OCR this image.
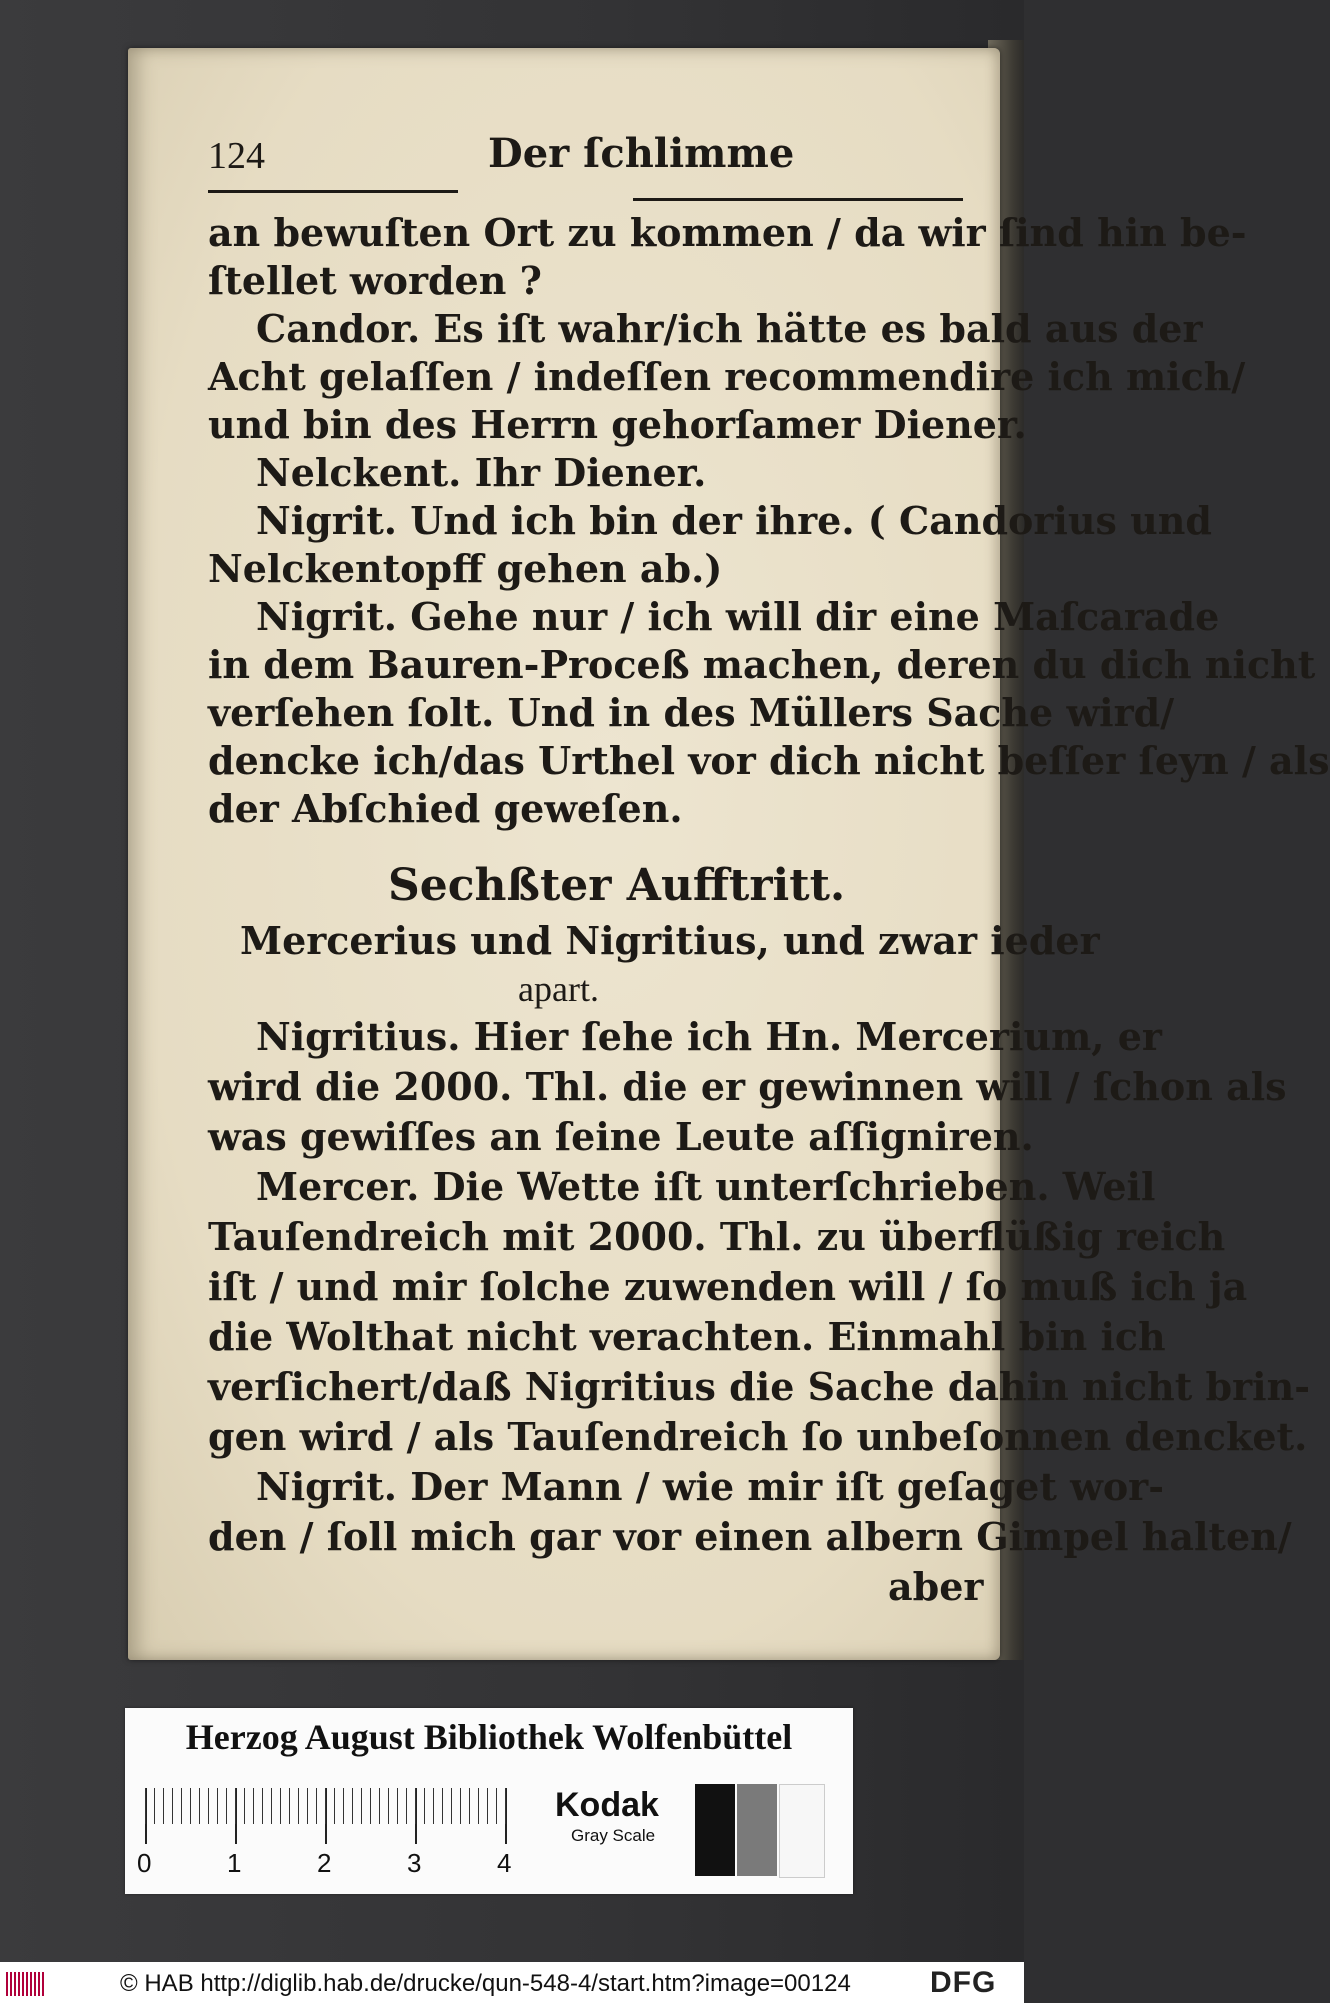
124	Der ſchlimme
an bewuſten Ort zu kommen / da wir ſind hin be-
ſtellet worden ?
Candor. Es iſt wahr/ich hätte es bald aus der
Acht gelaſſen / indeſſen recommendire ich mich/
und bin des Herrn gehorſamer Diener.
Nelckent. Ihr Diener.
Nigrit. Und ich bin der ihre. ( Candorius und
Nelckentopff gehen ab.)
Nigrit. Gehe nur / ich will dir eine Maſcarade
in dem Bauren-Proceß machen, deren du dich nicht
verſehen ſolt. Und in des Müllers Sache wird/
dencke ich/das Urthel vor dich nicht beſſer ſeyn / als
der Abſchied geweſen.
Sechßter Aufftritt.
Mercerius und Nigritius, und zwar ieder
apart.
Nigritius. Hier ſehe ich Hn. Mercerium, er
wird die 2000. Thl. die er gewinnen will / ſchon als
was gewiſſes an ſeine Leute aſſigniren.
Mercer. Die Wette iſt unterſchrieben. Weil
Tauſendreich mit 2000. Thl. zu überflüßig reich
iſt / und mir ſolche zuwenden will / ſo muß ich ja
die Wolthat nicht verachten. Einmahl bin ich
verſichert/daß Nigritius die Sache dahin nicht brin-
gen wird / als Tauſendreich ſo unbeſonnen dencket.
Nigrit. Der Mann / wie mir iſt geſaget wor-
den / ſoll mich gar vor einen albern Gimpel halten/
aber
Herzog August Bibliothek Wolfenbüttel
0	1	2	3	4
Kodak
Gray Scale
© HAB http://diglib.hab.de/drucke/qun-548-4/start.htm?image=00124	DFG
